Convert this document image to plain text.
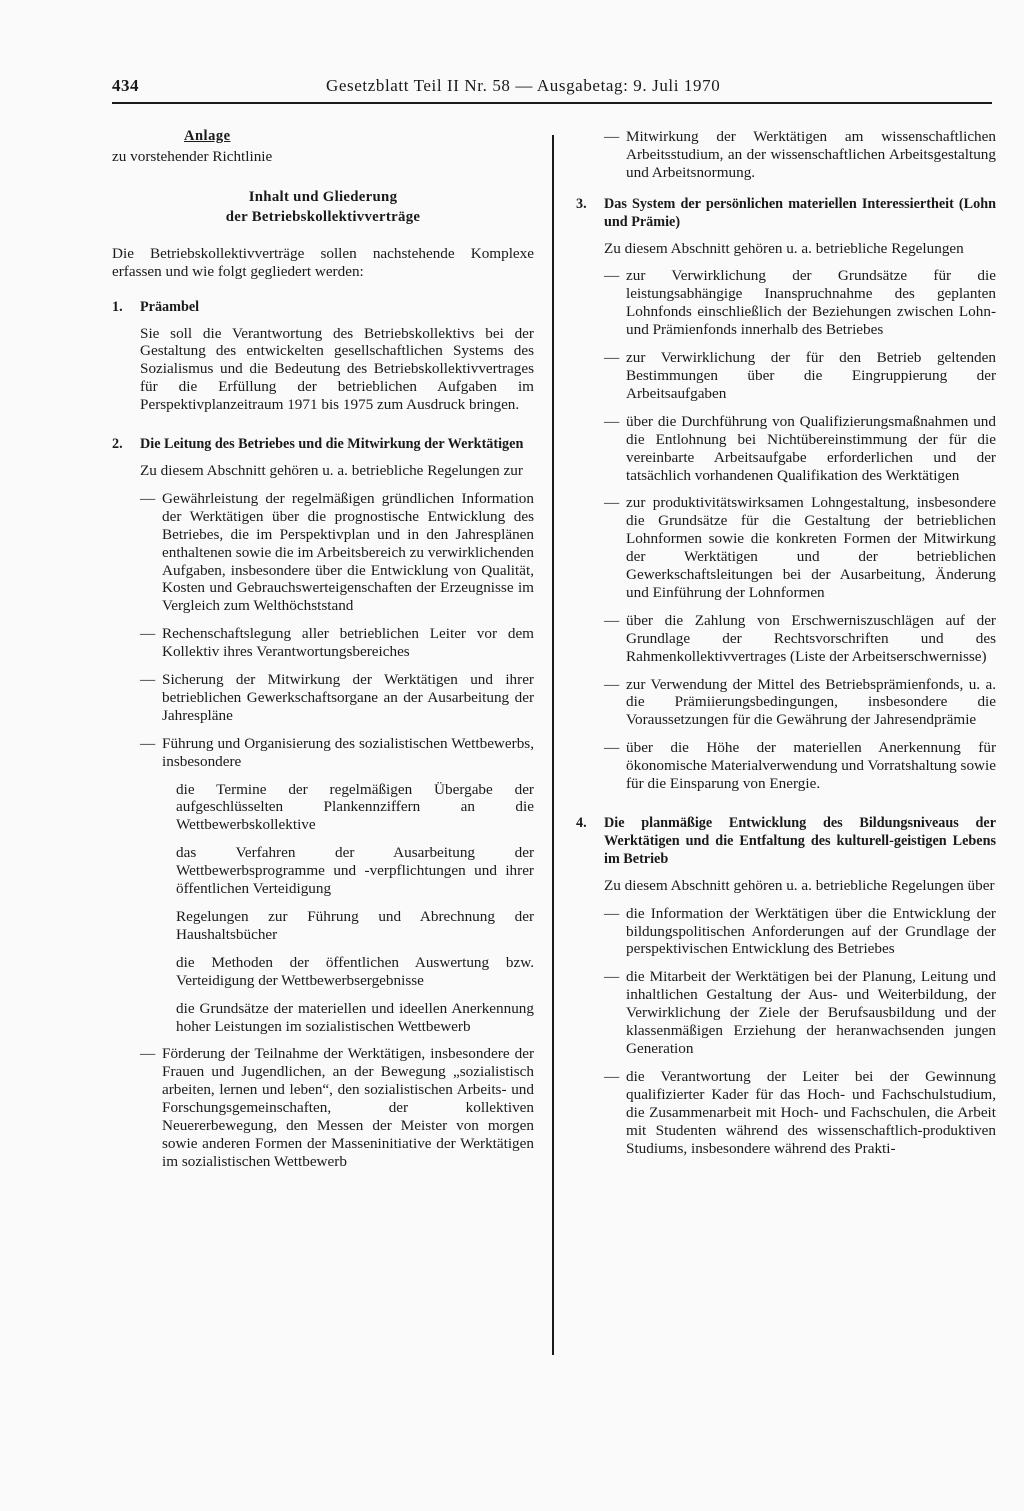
434	Gesetzblatt Teil II Nr. 58 — Ausgabetag: 9. Juli 1970

Anlage

zu vorstehender Richtlinie

Inhalt und Gliederung

der Betriebskollektivverträge

Die Betriebskollektivverträge sollen nachstehende Komplexe erfassen und wie folgt gegliedert werden:

1. Präambel

Sie soll die Verantwortung des Betriebskollektivs bei der Gestaltung des entwickelten gesellschaftlichen Systems des Sozialismus und die Bedeutung des Betriebskollektivvertrages für die Erfüllung der betrieblichen Aufgaben im Perspektivplanzeitraum 1971 bis 1975 zum Ausdruck bringen.

2. Die Leitung des Betriebes und die Mitwirkung der Werktätigen

Zu diesem Abschnitt gehören u. a. betriebliche Regelungen zur

— Gewährleistung der regelmäßigen gründlichen Information der Werktätigen über die prognostische Entwicklung des Betriebes, die im Perspektivplan und in den Jahresplänen enthaltenen sowie die im Arbeitsbereich zu verwirklichenden Aufgaben, insbesondere über die Entwicklung von Qualität, Kosten und Gebrauchswerteigenschaften der Erzeugnisse im Vergleich zum Welthöchststand

— Rechenschaftslegung aller betrieblichen Leiter vor dem Kollektiv ihres Verantwortungsbereiches

— Sicherung der Mitwirkung der Werktätigen und ihrer betrieblichen Gewerkschaftsorgane an der Ausarbeitung der Jahrespläne

— Führung und Organisierung des sozialistischen Wettbewerbs, insbesondere

die Termine der regelmäßigen Übergabe der aufgeschlüsselten Plankennziffern an die Wettbewerbskollektive

das Verfahren der Ausarbeitung der Wettbewerbsprogramme und -verpflichtungen und ihrer öffentlichen Verteidigung

Regelungen zur Führung und Abrechnung der Haushaltsbücher

die Methoden der öffentlichen Auswertung bzw. Verteidigung der Wettbewerbsergebnisse

die Grundsätze der materiellen und ideellen Anerkennung hoher Leistungen im sozialistischen Wettbewerb

— Förderung der Teilnahme der Werktätigen, insbesondere der Frauen und Jugendlichen, an der Bewegung „sozialistisch arbeiten, lernen und leben“, den sozialistischen Arbeits- und Forschungsgemeinschaften, der kollektiven Neuererbewegung, den Messen der Meister von morgen sowie anderen Formen der Masseninitiative der Werktätigen im sozialistischen Wettbewerb

— Mitwirkung der Werktätigen am wissenschaftlichen Arbeitsstudium, an der wissenschaftlichen Arbeitsgestaltung und Arbeitsnormung.

3. Das System der persönlichen materiellen Interessiertheit (Lohn und Prämie)

Zu diesem Abschnitt gehören u. a. betriebliche Regelungen

— zur Verwirklichung der Grundsätze für die leistungsabhängige Inanspruchnahme des geplanten Lohnfonds einschließlich der Beziehungen zwischen Lohn- und Prämienfonds innerhalb des Betriebes

— zur Verwirklichung der für den Betrieb geltenden Bestimmungen über die Eingruppierung der Arbeitsaufgaben

— über die Durchführung von Qualifizierungsmaßnahmen und die Entlohnung bei Nichtübereinstimmung der für die vereinbarte Arbeitsaufgabe erforderlichen und der tatsächlich vorhandenen Qualifikation des Werktätigen

— zur produktivitätswirksamen Lohngestaltung, insbesondere die Grundsätze für die Gestaltung der betrieblichen Lohnformen sowie die konkreten Formen der Mitwirkung der Werktätigen und der betrieblichen Gewerkschaftsleitungen bei der Ausarbeitung, Änderung und Einführung der Lohnformen

— über die Zahlung von Erschwerniszuschlägen auf der Grundlage der Rechtsvorschriften und des Rahmenkollektivvertrages (Liste der Arbeitserschwernisse)

— zur Verwendung der Mittel des Betriebsprämienfonds, u. a. die Prämiierungsbedingungen, insbesondere die Voraussetzungen für die Gewährung der Jahresendprämie

— über die Höhe der materiellen Anerkennung für ökonomische Materialverwendung und Vorratshaltung sowie für die Einsparung von Energie.

4. Die planmäßige Entwicklung des Bildungsniveaus der Werktätigen und die Entfaltung des kulturell-geistigen Lebens im Betrieb

Zu diesem Abschnitt gehören u. a. betriebliche Regelungen über

— die Information der Werktätigen über die Entwicklung der bildungspolitischen Anforderungen auf der Grundlage der perspektivischen Entwicklung des Betriebes

— die Mitarbeit der Werktätigen bei der Planung, Leitung und inhaltlichen Gestaltung der Aus- und Weiterbildung, der Verwirklichung der Ziele der Berufsausbildung und der klassenmäßigen Erziehung der heranwachsenden jungen Generation

— die Verantwortung der Leiter bei der Gewinnung qualifizierter Kader für das Hoch- und Fachschulstudium, die Zusammenarbeit mit Hoch- und Fachschulen, die Arbeit mit Studenten während des wissenschaftlich-produktiven Studiums, insbesondere während des Prakti-
